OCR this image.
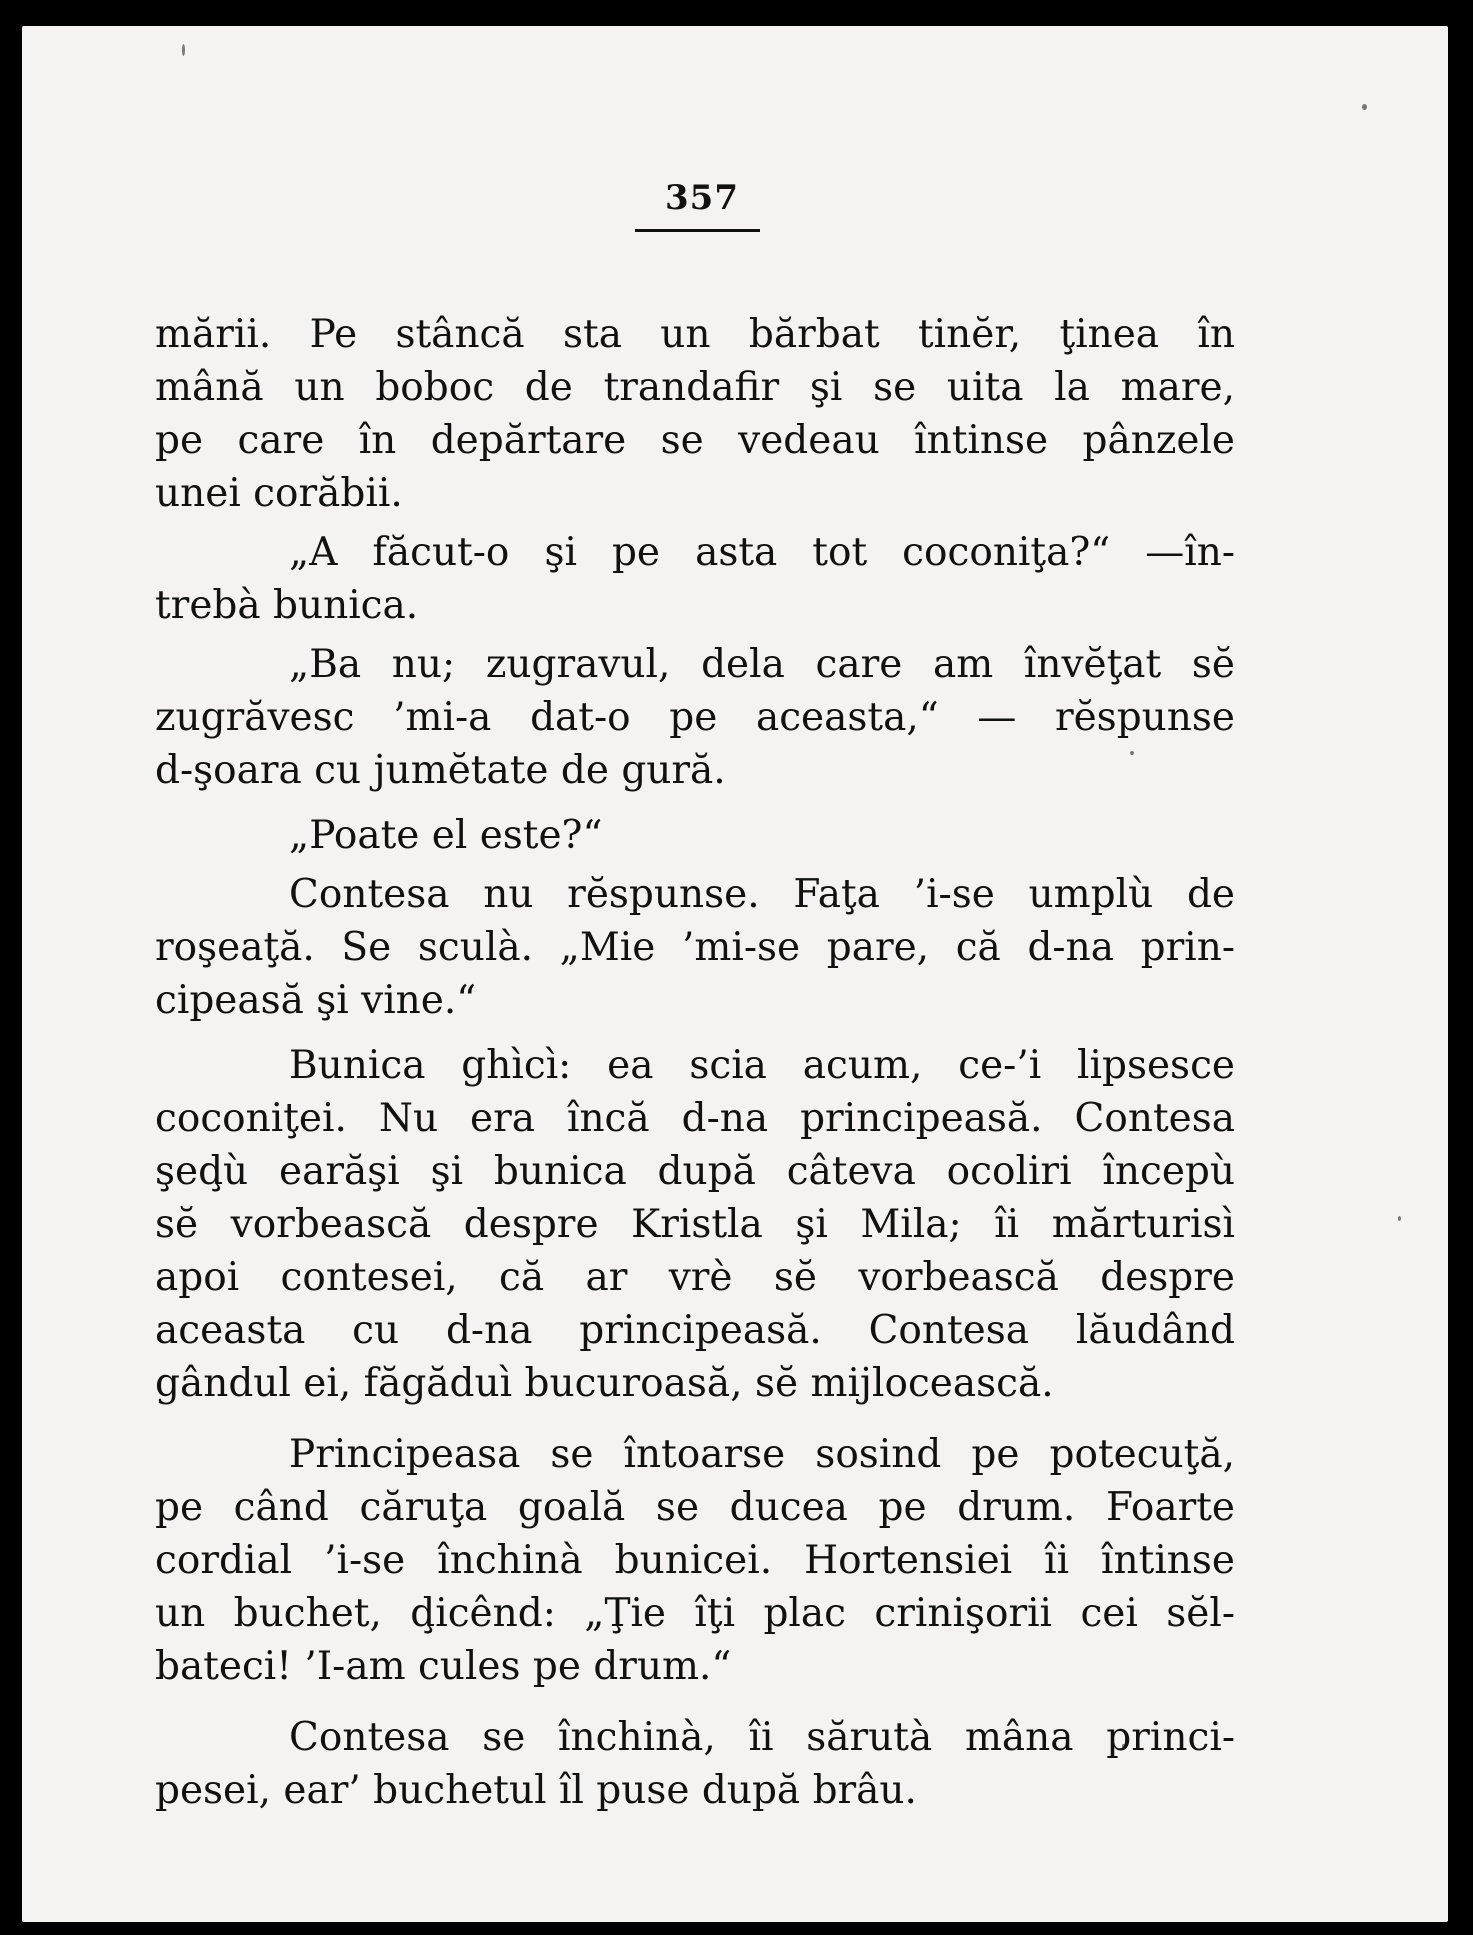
357
mării. Pe stâncă sta un bărbat tinĕr, ţinea în
mână un boboc de trandafir şi se uita la mare,
pe care în depărtare se vedeau întinse pânzele
unei corăbii.
„A făcut-o şi pe asta tot coconiţa?“ —în-
trebà bunica.
„Ba nu; zugravul, dela care am învĕţat sĕ
zugrăvesc ’mi-a dat-o pe aceasta,“ — rĕspunse
d-şoara cu jumĕtate de gură.
„Poate el este?“
Contesa nu rĕspunse. Faţa ’i-se umplù de
roşeaţă. Se sculà. „Mie ’mi-se pare, că d-na prin-
cipeasă şi vine.“
Bunica ghìcì: ea scia acum, ce-’i lipsesce
coconiţei. Nu era încă d-na principeasă. Contesa
şeḑù earăşi şi bunica după câteva ocoliri începù
sĕ vorbească despre Kristla şi Mila; îi mărturisì
apoi contesei, că ar vrè sĕ vorbească despre
aceasta cu d-na principeasă. Contesa lăudând
gândul ei, făgăduì bucuroasă, sĕ mijlocească.
Principeasa se întoarse sosind pe potecuţă,
pe când căruţa goală se ducea pe drum. Foarte
cordial ’i-se închinà bunicei. Hortensiei îi întinse
un buchet, ḑicênd: „Ţie îţi plac crinişorii cei sĕl-
bateci! ’I-am cules pe drum.“
Contesa se închinà, îi sărutà mâna princi-
pesei, ear’ buchetul îl puse după brâu.
